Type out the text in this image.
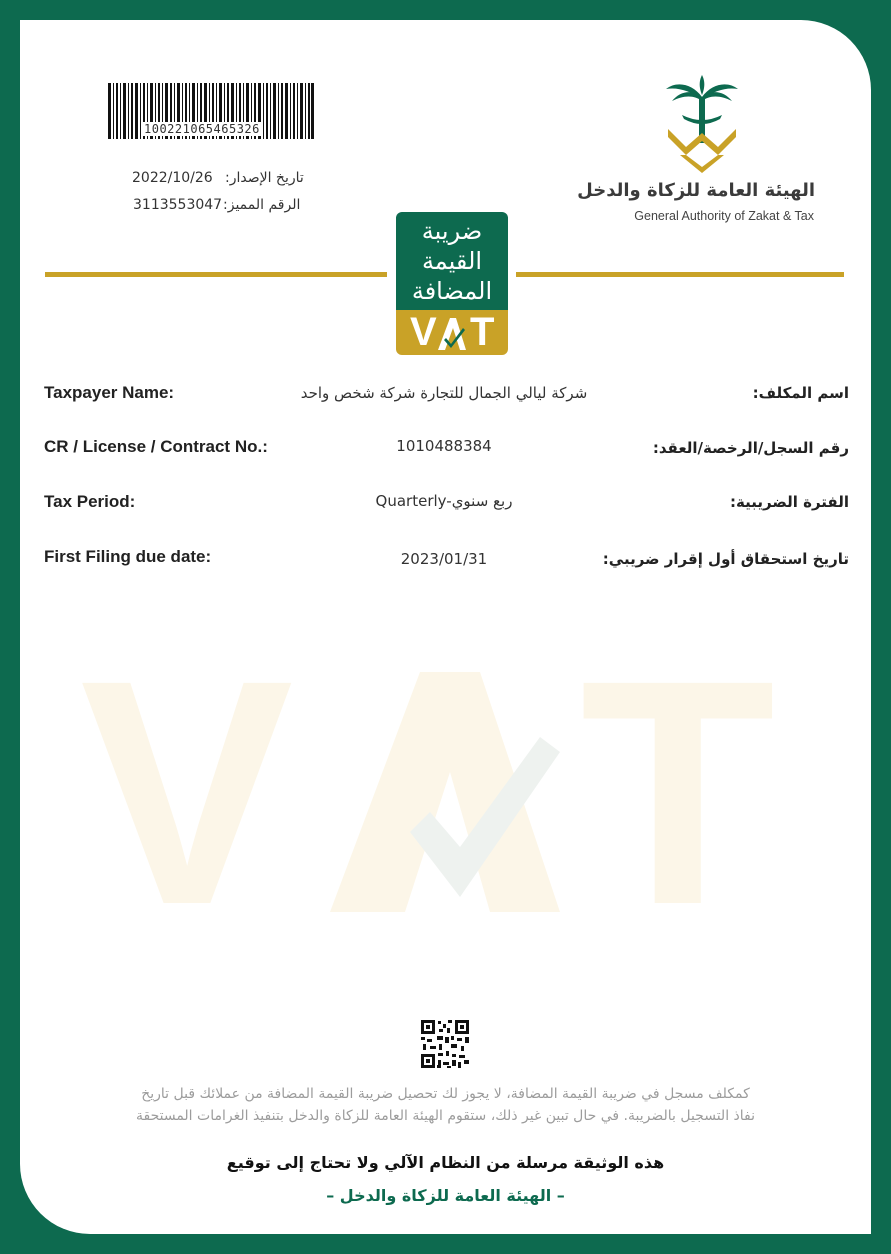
1002210654653​26
2022/10/26 تاريخ الإصدار:
3113553047 الرقم المميز:
الهيئة العامة للزكاة والدخل
General Authority of Zakat & Tax
ضريبة
القيمة
المضافة
V T
Taxpayer Name:	شركة ليالي الجمال للتجارة شركة شخص واحد	اسم المكلف:
CR / License / Contract No.:	1010488384	رقم السجل/الرخصة/العقد:
Tax Period:	Quarterly-ربع سنوي	الفترة الضريبية:
First Filing due date:	2023/01/31	تاريخ استحقاق أول إقرار ضريبي:
V T
كمكلف مسجل في ضريبة القيمة المضافة، لا يجوز لك تحصيل ضريبة القيمة المضافة من عملائك قبل تاريخ
نفاذ التسجيل بالضريبة. في حال تبين غير ذلك، ستقوم الهيئة العامة للزكاة والدخل بتنفيذ الغرامات المستحقة
هذه الوثيقة مرسلة من النظام الآلي ولا تحتاج إلى توقيع
– الهيئة العامة للزكاة والدخل –
